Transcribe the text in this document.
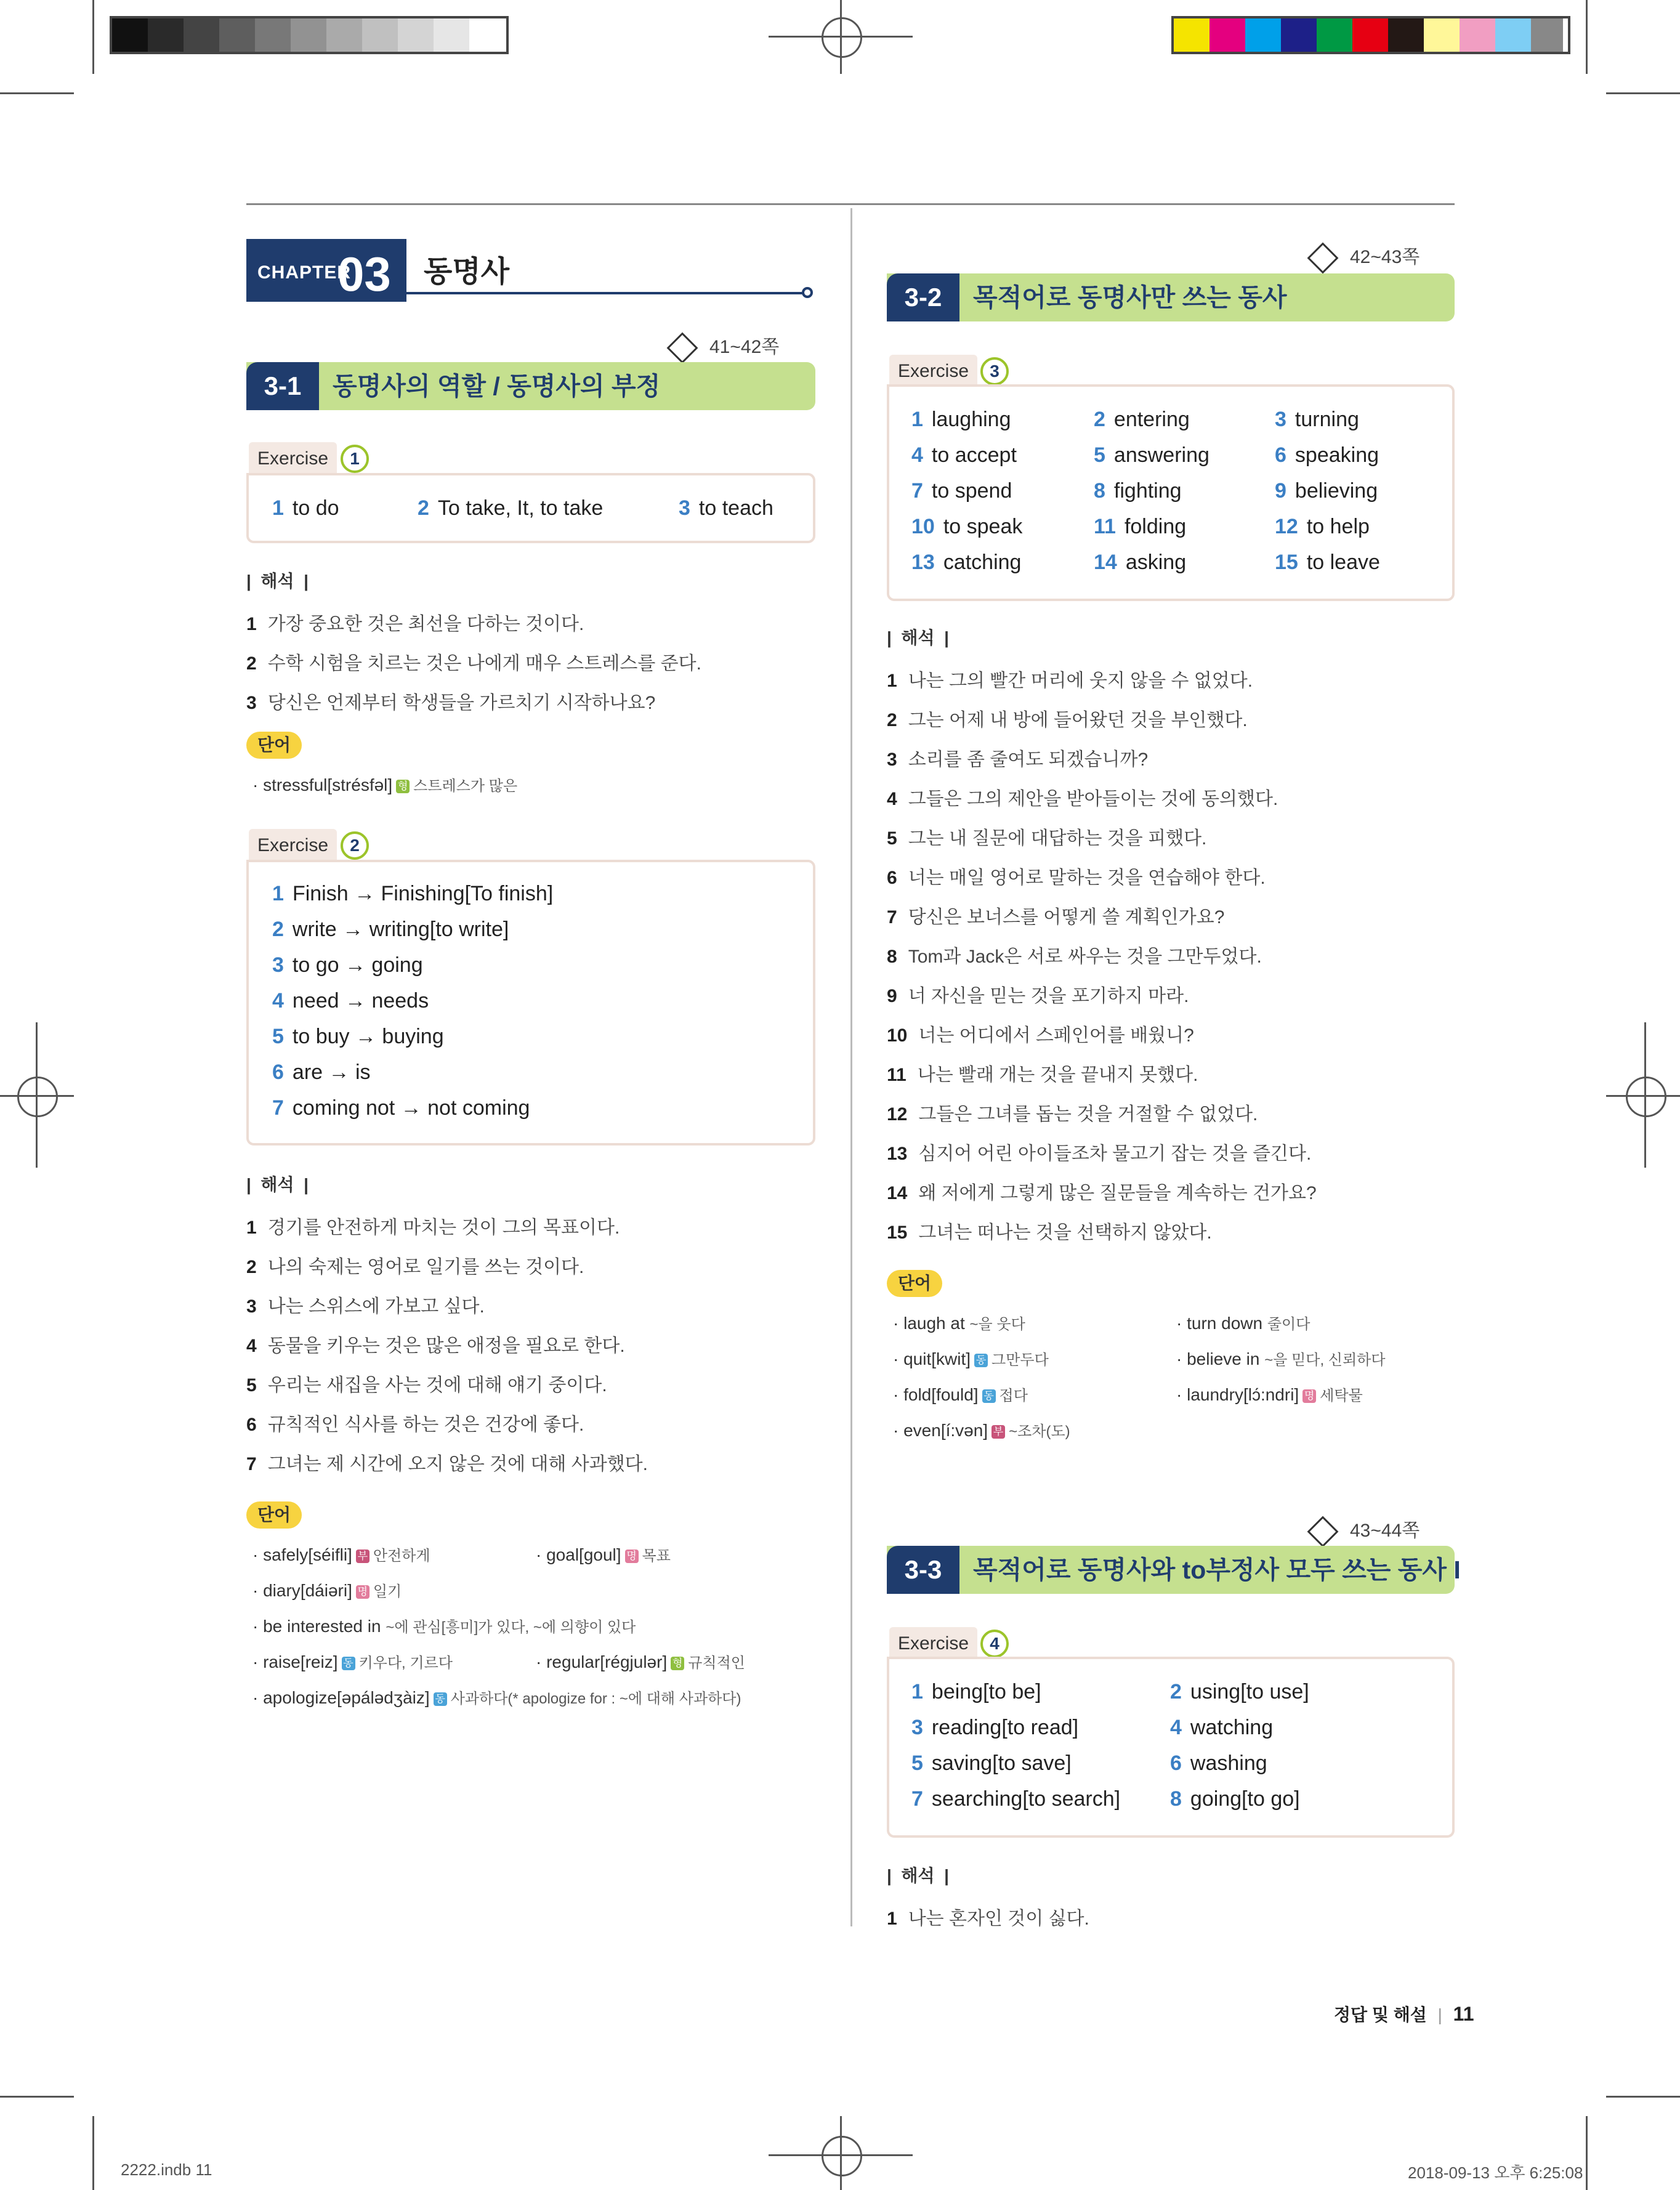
CHAPTER
03 동명사
41~42쪽
3-1	동명사의 역할 / 동명사의 부정
Exercise	1
1 to do	2 To take, It, to take	3 to teach
|  해석  |
1 가장 중요한 것은 최선을 다하는 것이다.
2 수학 시험을 치르는 것은 나에게 매우 스트레스를 준다.
3 당신은 언제부터 학생들을 가르치기 시작하나요?
단어
· stressful[strésfəl] 형 스트레스가 많은
Exercise	2
1 Finish → Finishing[To finish]
2 write → writing[to write]
3 to go → going
4 need → needs
5 to buy → buying
6 are → is
7 coming not → not coming
|  해석  |
1 경기를 안전하게 마치는 것이 그의 목표이다.
2 나의 숙제는 영어로 일기를 쓰는 것이다.
3 나는 스위스에 가보고 싶다.
4 동물을 키우는 것은 많은 애정을 필요로 한다.
5 우리는 새집을 사는 것에 대해 얘기 중이다.
6 규칙적인 식사를 하는 것은 건강에 좋다.
7 그녀는 제 시간에 오지 않은 것에 대해 사과했다.
단어
· safely[séifli] 부 안전하게	· goal[goul] 명 목표
· diary[dáiəri] 명 일기
· be interested in ~에 관심[흥미]가 있다, ~에 의향이 있다
· raise[reiz] 동 키우다, 기르다	· regular[régjulər] 형 규칙적인
· apologize[əpálədʒàiz] 동 사과하다(* apologize for : ~에 대해 사과하다)
42~43쪽
3-2	목적어로 동명사만 쓰는 동사
Exercise	3
1 laughing	2 entering	3 turning
4 to accept	5 answering	6 speaking
7 to spend	8 fighting	9 believing
10 to speak	11 folding	12 to help
13 catching	14 asking	15 to leave
|  해석  |
1 나는 그의 빨간 머리에 웃지 않을 수 없었다.
2 그는 어제 내 방에 들어왔던 것을 부인했다.
3 소리를 좀 줄여도 되겠습니까?
4 그들은 그의 제안을 받아들이는 것에 동의했다.
5 그는 내 질문에 대답하는 것을 피했다.
6 너는 매일 영어로 말하는 것을 연습해야 한다.
7 당신은 보너스를 어떻게 쓸 계획인가요?
8 Tom과 Jack은 서로 싸우는 것을 그만두었다.
9 너 자신을 믿는 것을 포기하지 마라.
10 너는 어디에서 스페인어를 배웠니?
11 나는 빨래 개는 것을 끝내지 못했다.
12 그들은 그녀를 돕는 것을 거절할 수 없었다.
13 심지어 어린 아이들조차 물고기 잡는 것을 즐긴다.
14 왜 저에게 그렇게 많은 질문들을 계속하는 건가요?
15 그녀는 떠나는 것을 선택하지 않았다.
단어
· laugh at ~을 웃다	· turn down 줄이다
· quit[kwit] 동 그만두다	· believe in ~을 믿다, 신뢰하다
· fold[fould] 동 접다	· laundry[lɔ́:ndri] 명 세탁물
· even[í:vən] 부 ~조차(도)
43~44쪽
3-3	목적어로 동명사와 to부정사 모두 쓰는 동사 I
Exercise	4
1 being[to be]	2 using[to use]
3 reading[to read]	4 watching
5 saving[to save]	6 washing
7 searching[to search] 8 going[to go]
|  해석  |
1 나는 혼자인 것이 싫다.
정답 및 해설 | 11
2222.indb 11	2018-09-13 오후 6:25:08
